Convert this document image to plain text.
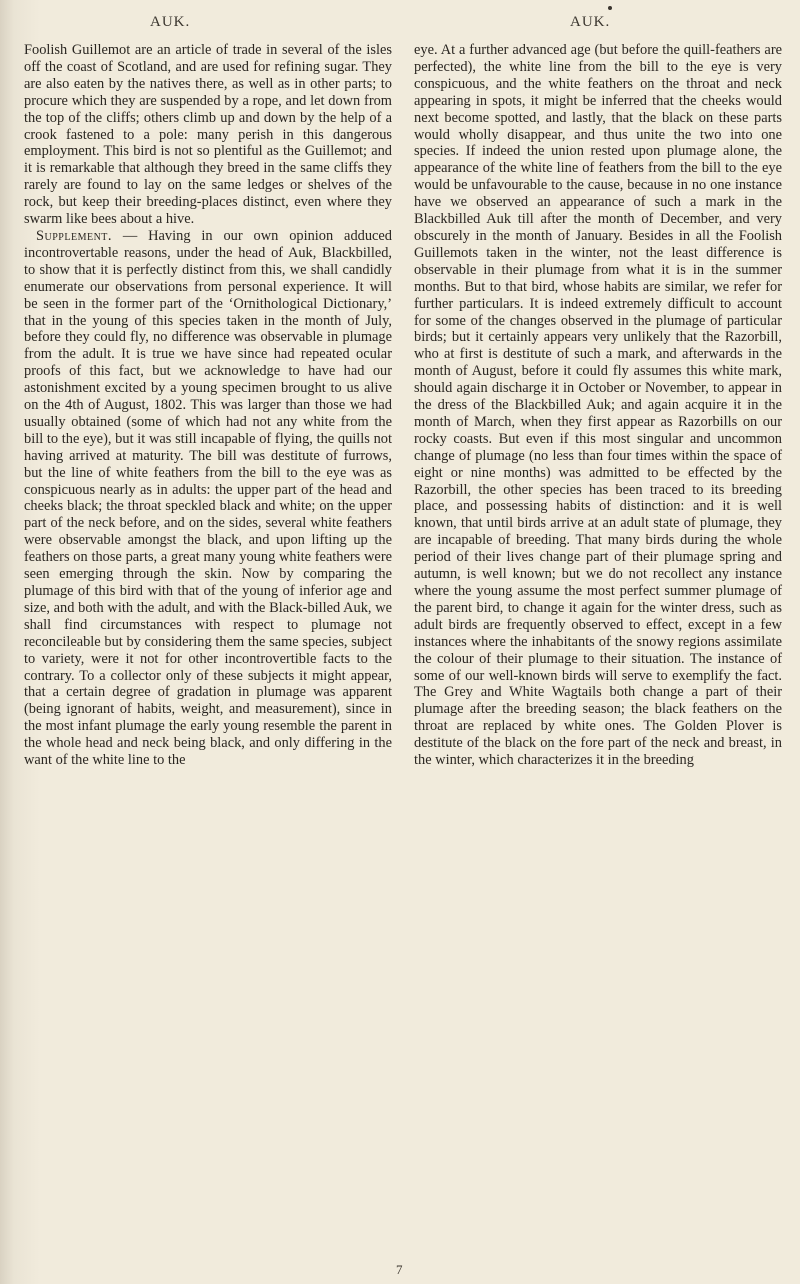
AUK.	AUK.

Foolish Guillemot are an article of trade in several of the isles off the coast of Scotland, and are used for refining sugar. They are also eaten by the natives there, as well as in other parts; to procure which they are suspended by a rope, and let down from the top of the cliffs; others climb up and down by the help of a crook fastened to a pole: many perish in this dangerous employment. This bird is not so plentiful as the Guillemot; and it is remarkable that although they breed in the same cliffs they rarely are found to lay on the same ledges or shelves of the rock, but keep their breeding-places distinct, even where they swarm like bees about a hive.

Supplement. — Having in our own opinion adduced incontrovertable reasons, under the head of Auk, Blackbilled, to show that it is perfectly distinct from this, we shall candidly enumerate our observations from personal experience. It will be seen in the former part of the ‘Ornithological Dictionary,’ that in the young of this species taken in the month of July, before they could fly, no difference was observable in plumage from the adult. It is true we have since had repeated ocular proofs of this fact, but we acknowledge to have had our astonishment excited by a young specimen brought to us alive on the 4th of August, 1802. This was larger than those we had usually obtained (some of which had not any white from the bill to the eye), but it was still incapable of flying, the quills not having arrived at maturity. The bill was destitute of furrows, but the line of white feathers from the bill to the eye was as conspicuous nearly as in adults: the upper part of the head and cheeks black; the throat speckled black and white; on the upper part of the neck before, and on the sides, several white feathers were observable amongst the black, and upon lifting up the feathers on those parts, a great many young white feathers were seen emerging through the skin. Now by comparing the plumage of this bird with that of the young of inferior age and size, and both with the adult, and with the Black-billed Auk, we shall find circumstances with respect to plumage not reconcileable but by considering them the same species, subject to variety, were it not for other incontrovertible facts to the contrary. To a collector only of these subjects it might appear, that a certain degree of gradation in plumage was apparent (being ignorant of habits, weight, and measurement), since in the most infant plumage the early young resemble the parent in the whole head and neck being black, and only differing in the want of the white line to the

eye. At a further advanced age (but before the quill-feathers are perfected), the white line from the bill to the eye is very conspicuous, and the white feathers on the throat and neck appearing in spots, it might be inferred that the cheeks would next become spotted, and lastly, that the black on these parts would wholly disappear, and thus unite the two into one species. If indeed the union rested upon plumage alone, the appearance of the white line of feathers from the bill to the eye would be unfavourable to the cause, because in no one instance have we observed an appearance of such a mark in the Blackbilled Auk till after the month of December, and very obscurely in the month of January. Besides in all the Foolish Guillemots taken in the winter, not the least difference is observable in their plumage from what it is in the summer months. But to that bird, whose habits are similar, we refer for further particulars. It is indeed extremely difficult to account for some of the changes observed in the plumage of particular birds; but it certainly appears very unlikely that the Razorbill, who at first is destitute of such a mark, and afterwards in the month of August, before it could fly assumes this white mark, should again discharge it in October or November, to appear in the dress of the Blackbilled Auk; and again acquire it in the month of March, when they first appear as Razorbills on our rocky coasts. But even if this most singular and uncommon change of plumage (no less than four times within the space of eight or nine months) was admitted to be effected by the Razorbill, the other species has been traced to its breeding place, and possessing habits of distinction: and it is well known, that until birds arrive at an adult state of plumage, they are incapable of breeding. That many birds during the whole period of their lives change part of their plumage spring and autumn, is well known; but we do not recollect any instance where the young assume the most perfect summer plumage of the parent bird, to change it again for the winter dress, such as adult birds are frequently observed to effect, except in a few instances where the inhabitants of the snowy regions assimilate the colour of their plumage to their situation. The instance of some of our well-known birds will serve to exemplify the fact. The Grey and White Wagtails both change a part of their plumage after the breeding season; the black feathers on the throat are replaced by white ones. The Golden Plover is destitute of the black on the fore part of the neck and breast, in the winter, which characterizes it in the breeding

7
